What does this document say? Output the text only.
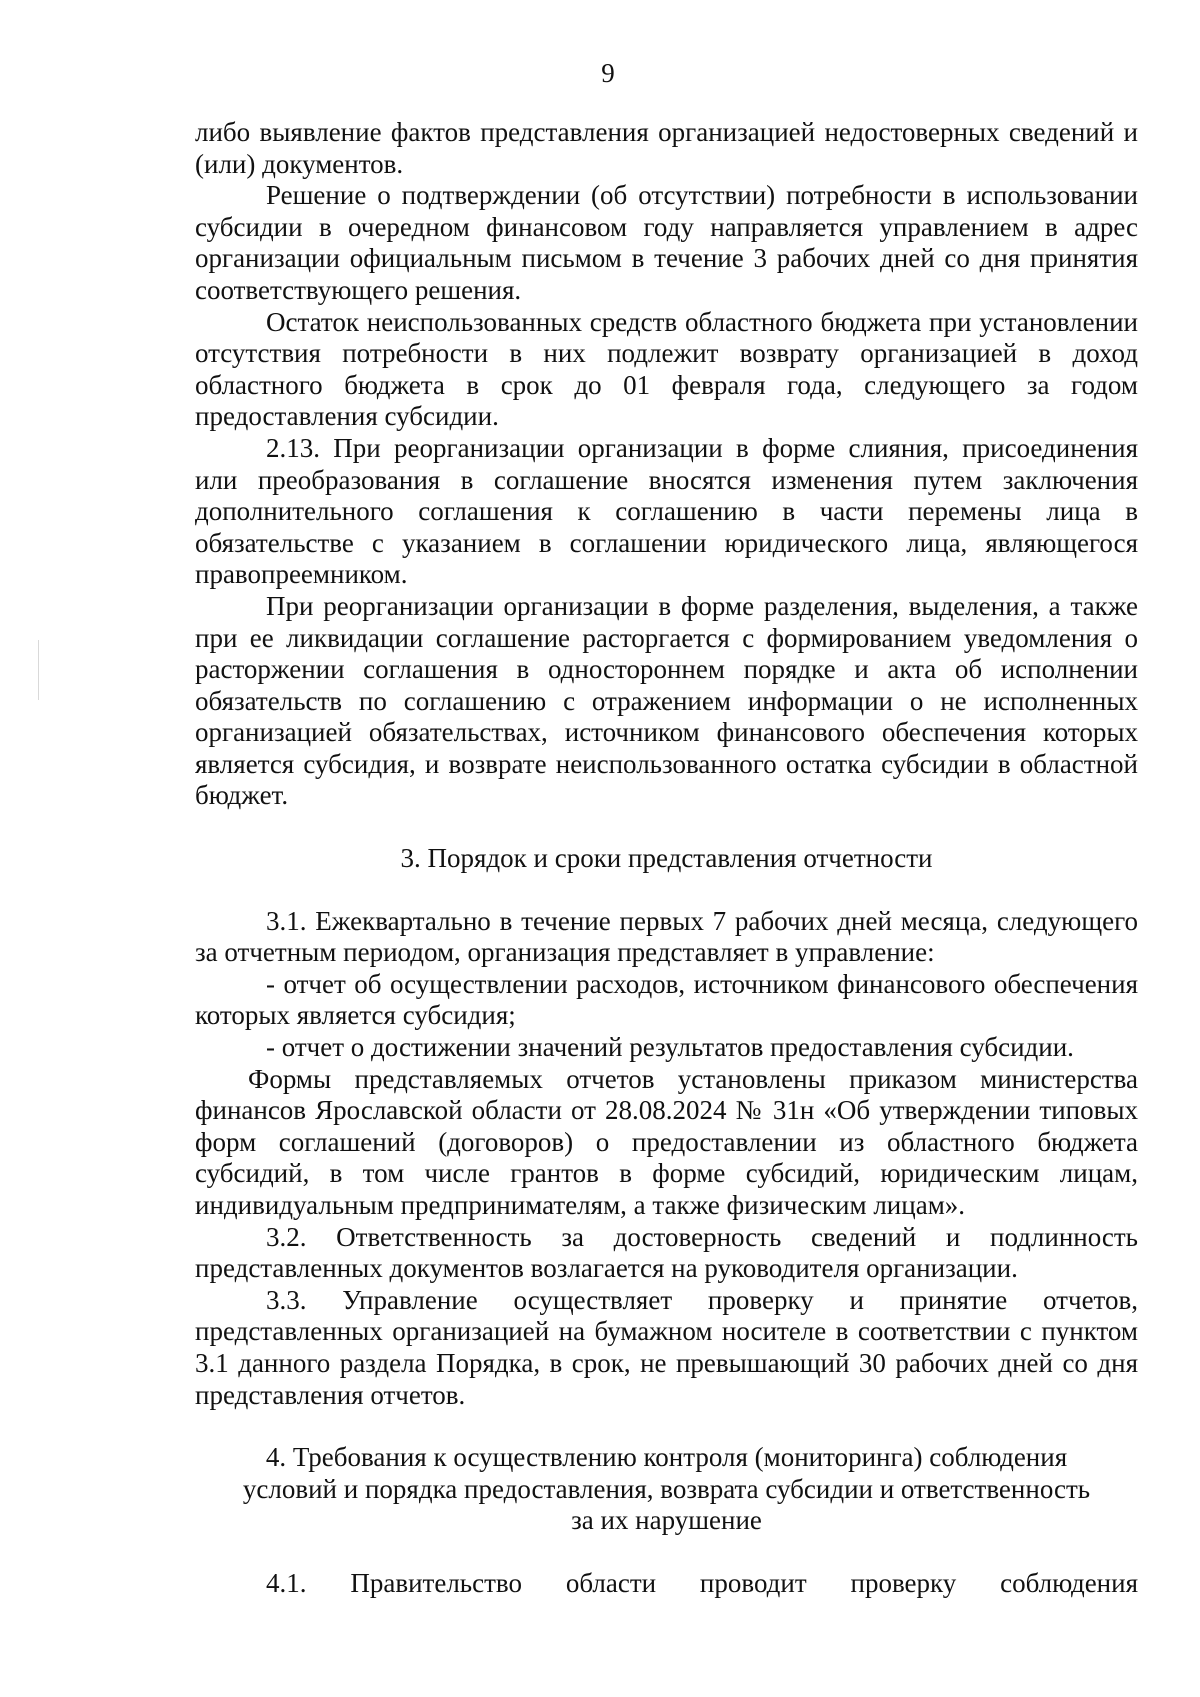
9

либо выявление фактов представления организацией недостоверных сведений и (или) документов.

Решение о подтверждении (об отсутствии) потребности в использовании субсидии в очередном финансовом году направляется управлением в адрес организации официальным письмом в течение 3 рабочих дней со дня принятия соответствующего решения.

Остаток неиспользованных средств областного бюджета при установлении отсутствия потребности в них подлежит возврату организацией в доход областного бюджета в срок до 01 февраля года, следующего за годом предоставления субсидии.

2.13. При реорганизации организации в форме слияния, присоединения или преобразования в соглашение вносятся изменения путем заключения дополнительного соглашения к соглашению в части перемены лица в обязательстве с указанием в соглашении юридического лица, являющегося правопреемником.

При реорганизации организации в форме разделения, выделения, а также при ее ликвидации соглашение расторгается с формированием уведомления о расторжении соглашения в одностороннем порядке и акта об исполнении обязательств по соглашению с отражением информации о не исполненных организацией обязательствах, источником финансового обеспечения которых является субсидия, и возврате неиспользованного остатка субсидии в областной бюджет.

3. Порядок и сроки представления отчетности

3.1. Ежеквартально в течение первых 7 рабочих дней месяца, следующего за отчетным периодом, организация представляет в управление:

- отчет об осуществлении расходов, источником финансового обеспечения которых является субсидия;

- отчет о достижении значений результатов предоставления субсидии.

Формы представляемых отчетов установлены приказом министерства финансов Ярославской области от 28.08.2024 № 31н «Об утверждении типовых форм соглашений (договоров) о предоставлении из областного бюджета субсидий, в том числе грантов в форме субсидий, юридическим лицам, индивидуальным предпринимателям, а также физическим лицам».

3.2. Ответственность за достоверность сведений и подлинность представленных документов возлагается на руководителя организации.

3.3. Управление осуществляет проверку и принятие отчетов, представленных организацией на бумажном носителе в соответствии с пунктом 3.1 данного раздела Порядка, в срок, не превышающий 30 рабочих дней со дня представления отчетов.

4. Требования к осуществлению контроля (мониторинга) соблюдения
условий и порядка предоставления, возврата субсидии и ответственность
за их нарушение

4.1. Правительство области проводит проверку соблюдения
